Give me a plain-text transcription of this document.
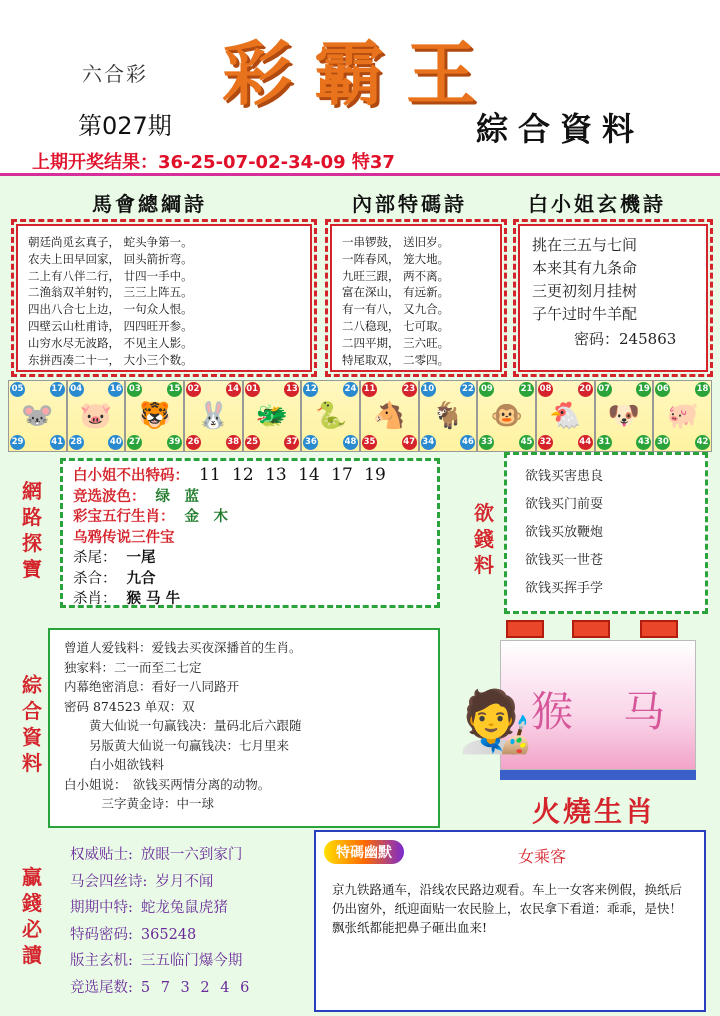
六合彩 彩霸王
第027期	綜合資料
上期开奖结果：36-25-07-02-34-09 特37
馬會總綱詩	內部特碼詩	白小姐玄機詩
朝廷尚觅玄真子， 蛇头争第一。
农夫上田早回家， 回头箭折弯。
二上有八伴二行， 廿四一手中。
二渔翁双羊射钓， 三三上阵五。
四出八合七上边， 一句众人恨。
四壁云山杜甫诗， 四四旺开参。
山穷水尽无波路， 不见主人影。
东拼西凑二十一， 大小三个数。
一串锣鼓， 送旧岁。
一阵春风， 笼大地。
九旺三跟， 两不离。
富在深山， 有远新。
有一有八， 又九合。
二八稳现， 七可取。
二四平期， 三六旺。
特尾取双， 二零四。
挑在三五与七间
本来其有九条命
三更初刻月挂树
子午过时牛羊配
密码：245863
05	17
29	41
🐭
04	16
28	40
🐷
03	15
27	39
🐯
02	14
26	38
🐰
01	13
25	37
🐲
12	24
36	48
🐍
11	23
35	47
🐴
10	22
34	46
🐐
09	21
33	45
🐵
08	20
32	44
🐔
07	19
31	43
🐶
06	18
30	42
🐖
網路探寶
白小姐不出特码： 11 12 13 14 17 19
竞选波色： 绿　蓝
彩宝五行生肖： 金　木
乌鸦传说三件宝
杀尾： 一尾
杀合： 九合
杀肖： 猴 马 牛
欲錢料
欲钱买害患良
欲钱买门前耍
欲钱买放鞭炮
欲钱买一世苍
欲钱买挥手学
綜合資料
曾道人爱钱料：爱钱去买夜深播首的生肖。
独家料：二一而至二七定
内幕绝密消息：看好一八同路开
密码 874523 单双：双
　　黄大仙说一句赢钱决：量码北后六跟随
　　另版黄大仙说一句赢钱决：七月里来
　　白小姐欲钱料
白小姐说：　欲钱买两情分离的动物。
　　　三字黄金诗：中一球
猴　马
🧑‍🎨
火燒生肖
贏錢必讀
权威贴士: 放眼一六到家门
马会四丝诗: 岁月不闻
期期中特: 蛇龙兔鼠虎猪
特码密码: 365248
版主玄机: 三五临门爆今期
竞选尾数: 5 7 3 2 4 6
特碼幽默	女乘客
京九铁路通车，沿线农民路边观看。车上一女客来例假，换纸后仍出窗外，纸迎面贴一农民脸上，农民拿下看道：乖乖，是快！飘张纸都能把鼻子砸出血来!
